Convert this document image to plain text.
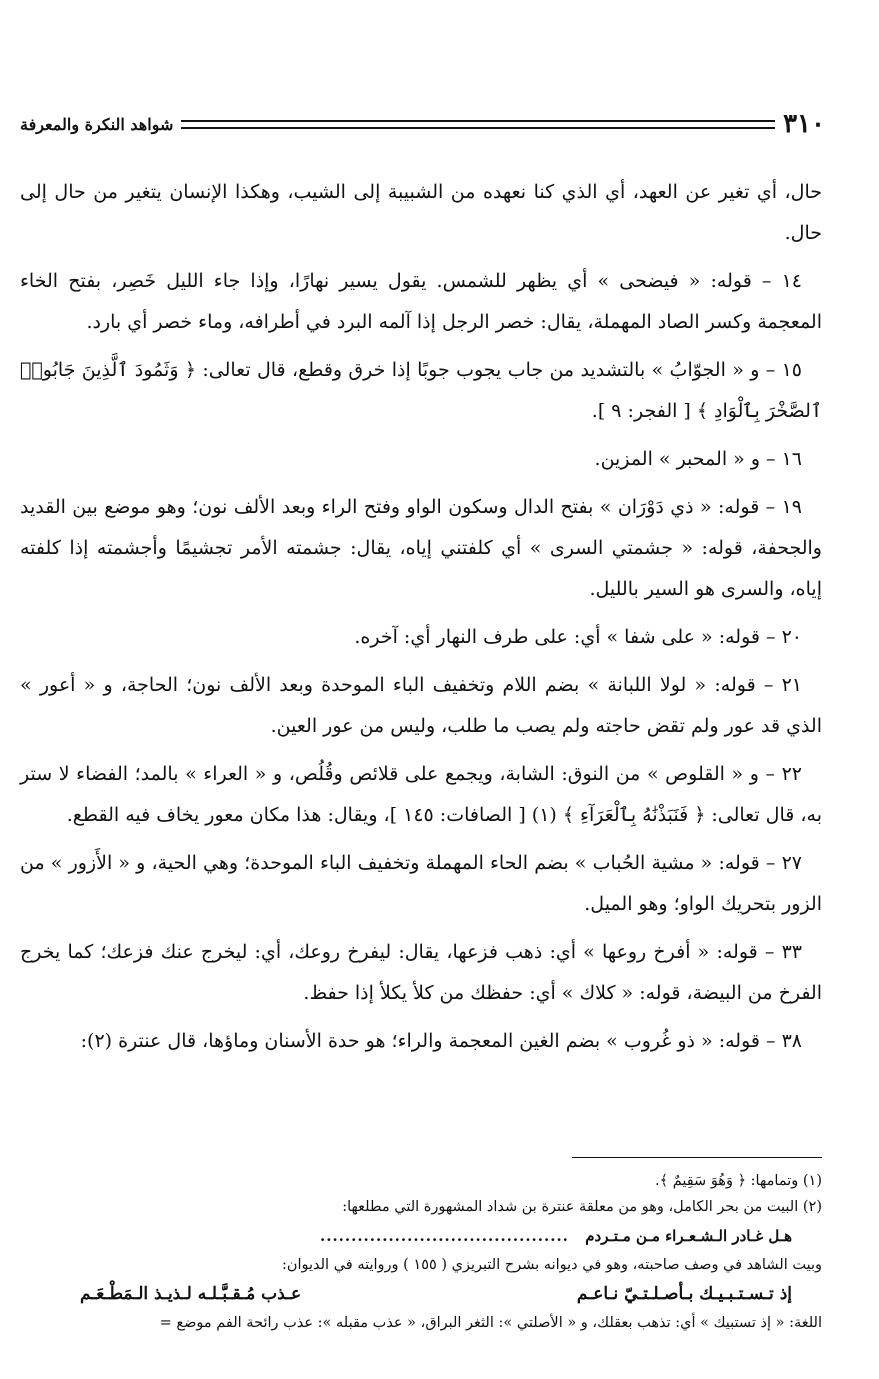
٣١٠
شواهد النكرة والمعرفة

حال، أي تغير عن العهد، أي الذي كنا نعهده من الشبيبة إلى الشيب، وهكذا الإنسان يتغير من حال إلى حال.

١٤ – قوله: « فيضحى » أي يظهر للشمس. يقول يسير نهارًا، وإذا جاء الليل خَصِر، بفتح الخاء المعجمة وكسر الصاد المهملة، يقال: خصر الرجل إذا آلمه البرد في أطرافه، وماء خصر أي بارد.

١٥ – و « الجوّابُ » بالتشديد من جاب يجوب جوبًا إذا خرق وقطع، قال تعالى: ﴿ وَثَمُودَ ٱلَّذِينَ جَابُوا۟ ٱلصَّخْرَ بِٱلْوَادِ ﴾ [ الفجر: ٩ ].

١٦ – و « المحبر » المزين.

١٩ – قوله: « ذي دَوْرَان » بفتح الدال وسكون الواو وفتح الراء وبعد الألف نون؛ وهو موضع بين القديد والجحفة، قوله: « جشمتي السرى » أي كلفتني إياه، يقال: جشمته الأمر تجشيمًا وأجشمته إذا كلفته إياه، والسرى هو السير بالليل.

٢٠ – قوله: « على شفا » أي: على طرف النهار أي: آخره.

٢١ – قوله: « لولا اللبانة » بضم اللام وتخفيف الباء الموحدة وبعد الألف نون؛ الحاجة، و « أعور » الذي قد عور ولم تقض حاجته ولم يصب ما طلب، وليس من عور العين.

٢٢ – و « القلوص » من النوق: الشابة، ويجمع على قلائص وقُلُص، و « العراء » بالمد؛ الفضاء لا ستر به، قال تعالى: ﴿ فَنَبَذْنَٰهُ بِٱلْعَرَآءِ ﴾ (١) [ الصافات: ١٤٥ ]، ويقال: هذا مكان معور يخاف فيه القطع.

٢٧ – قوله: « مشية الحُباب » بضم الحاء المهملة وتخفيف الباء الموحدة؛ وهي الحية، و « الأَزور » من الزور بتحريك الواو؛ وهو الميل.

٣٣ – قوله: « أفرخ روعها » أي: ذهب فزعها، يقال: ليفرخ روعك، أي: ليخرج عنك فزعك؛ كما يخرج الفرخ من البيضة، قوله: « كلاك » أي: حفظك من كلأ يكلأ إذا حفظ.

٣٨ – قوله: « ذو غُروب » بضم الغين المعجمة والراء؛ هو حدة الأسنان وماؤها، قال عنترة (٢):

(١) وتمامها: ﴿ وَهُوَ سَقِيمٌ ﴾.

(٢) البيت من بحر الكامل، وهو من معلقة عنترة بن شداد المشهورة التي مطلعها:

هـل غـادر الـشـعـراء مـن مـتـردم
........................................

وبيت الشاهد في وصف صاحبته، وهو في ديوانه بشرح التبريزي ( ١٥٥ ) وروايته في الديوان:

إذ تـسـتـبـيـك بـأصـلـتـيّ نـاعـم
عـذب مُـقـبَّـلـه لـذيـذ الـمَطْـعَـم

اللغة: « إذ تستبيك » أي: تذهب بعقلك، و « الأصلتي »: الثغر البراق، « عذب مقبله »: عذب رائحة الفم موضع =
